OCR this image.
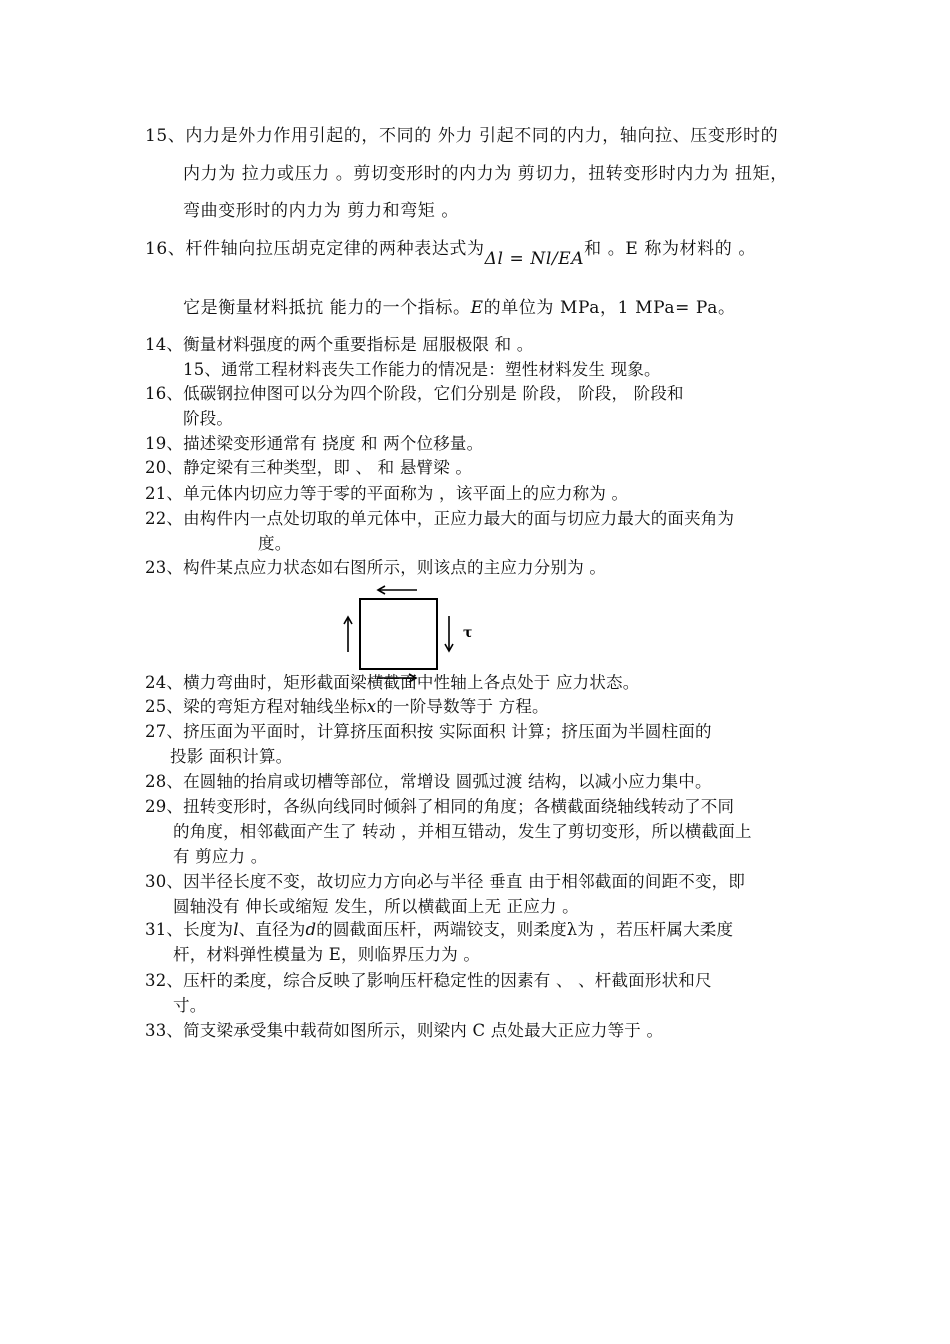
15、内力是外力作用引起的，不同的 外力 引起不同的内力，轴向拉、压变形时的
内力为 拉力或压力 。剪切变形时的内力为 剪切力，扭转变形时内力为 扭矩，
弯曲变形时的内力为 剪力和弯矩 。
16、杆件轴向拉压胡克定律的两种表达式为Δl = Nl/EA和 。E 称为材料的 。
它是衡量材料抵抗 能力的一个指标。E的单位为 MPa，1 MPa= Pa。
14、衡量材料强度的两个重要指标是 屈服极限 和 。
15、通常工程材料丧失工作能力的情况是：塑性材料发生 现象。
16、低碳钢拉伸图可以分为四个阶段，它们分别是 阶段， 阶段， 阶段和
阶段。
19、描述梁变形通常有 挠度 和 两个位移量。
20、静定梁有三种类型，即 、 和 悬臂梁 。
21、单元体内切应力等于零的平面称为 ，该平面上的应力称为 。
22、由构件内一点处切取的单元体中，正应力最大的面与切应力最大的面夹角为
度。
23、构件某点应力状态如右图所示，则该点的主应力分别为 。
τ
24、横力弯曲时，矩形截面梁横截面中性轴上各点处于 应力状态。
25、梁的弯矩方程对轴线坐标x的一阶导数等于 方程。
27、挤压面为平面时，计算挤压面积按 实际面积 计算；挤压面为半圆柱面的
投影 面积计算。
28、在圆轴的抬肩或切槽等部位，常增设 圆弧过渡 结构，以减小应力集中。
29、扭转变形时，各纵向线同时倾斜了相同的角度；各横截面绕轴线转动了不同
的角度，相邻截面产生了 转动 ，并相互错动，发生了剪切变形，所以横截面上
有 剪应力 。
30、因半径长度不变，故切应力方向必与半径 垂直 由于相邻截面的间距不变，即
圆轴没有 伸长或缩短 发生，所以横截面上无 正应力 。
31、长度为l、直径为d的圆截面压杆，两端铰支，则柔度λ为 ，若压杆属大柔度
杆，材料弹性模量为 E，则临界压力为 。
32、压杆的柔度，综合反映了影响压杆稳定性的因素有 、 、杆截面形状和尺
寸。
33、简支梁承受集中载荷如图所示，则梁内 C 点处最大正应力等于 。
